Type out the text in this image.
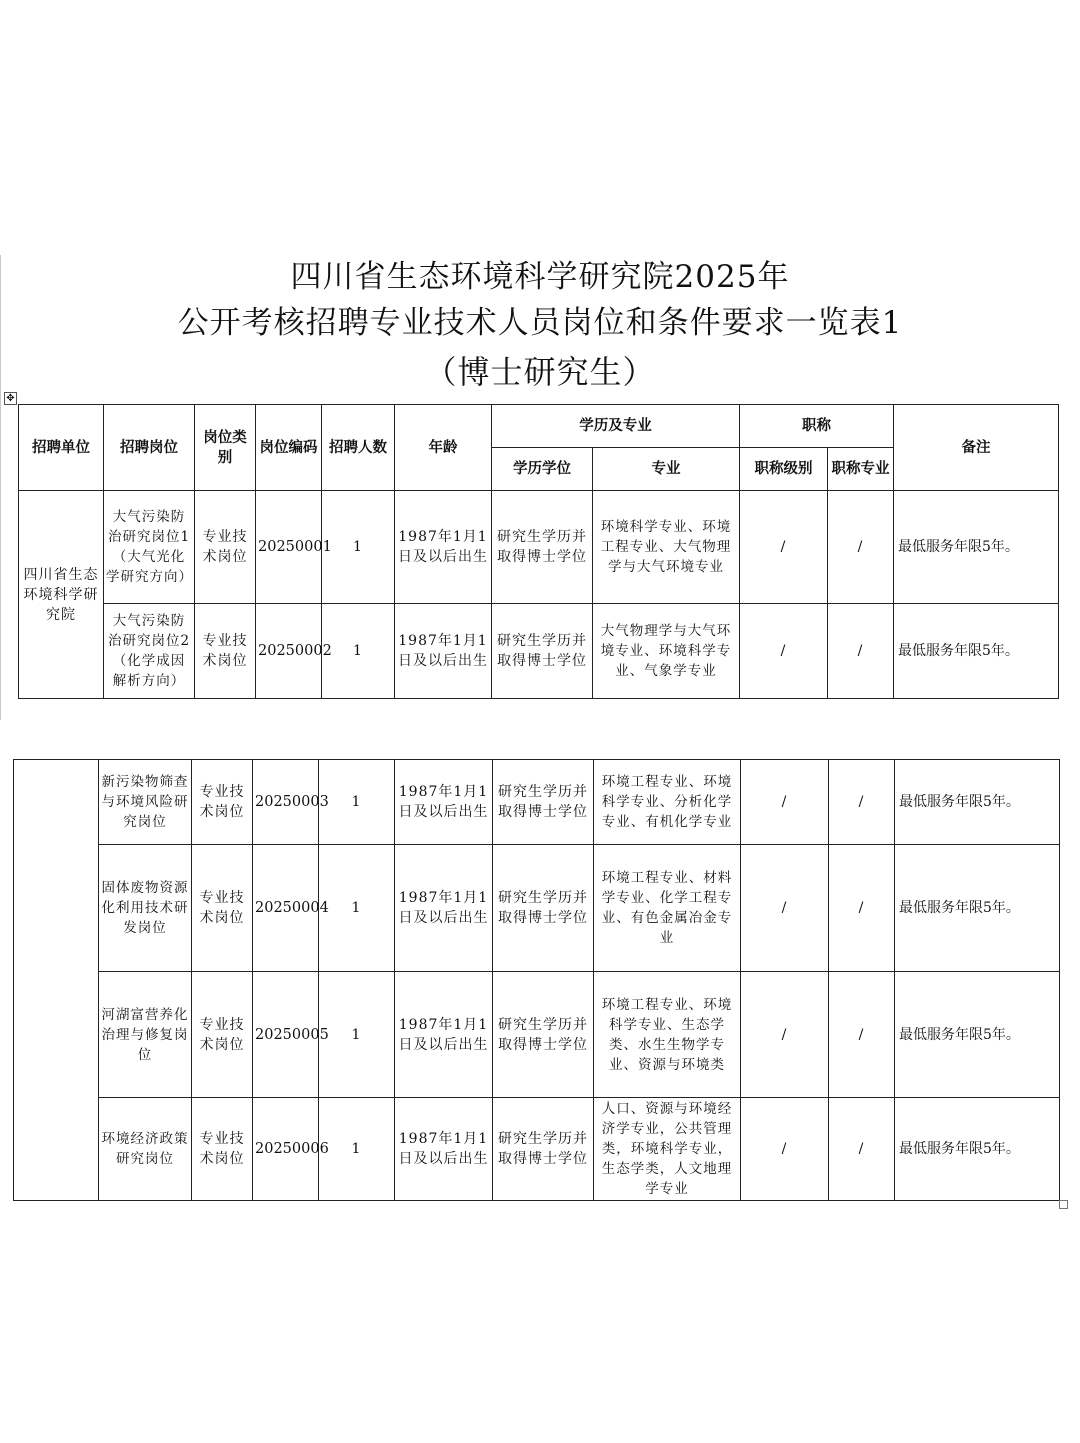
四川省生态环境科学研究院2025年
公开考核招聘专业技术人员岗位和条件要求一览表1
（博士研究生）
✥
招聘单位	招聘岗位	岗位类别	岗位编码	招聘人数	年龄	学历及专业		职称		备注
						学历学位	专业	职称级别	职称专业	
四川省生态环境科学研究院	大气污染防治研究岗位1（大气光化学研究方向）	专业技术岗位	20250001	1	1987年1月1日及以后出生	研究生学历并取得博士学位	环境科学专业、环境工程专业、大气物理学与大气环境专业	/	/	最低服务年限5年。
	大气污染防治研究岗位2（化学成因解析方向）	专业技术岗位	20250002	1	1987年1月1日及以后出生	研究生学历并取得博士学位	大气物理学与大气环境专业、环境科学专业、气象学专业	/	/	最低服务年限5年。
	新污染物筛查与环境风险研究岗位	专业技术岗位	20250003	1	1987年1月1日及以后出生	研究生学历并取得博士学位	环境工程专业、环境科学专业、分析化学专业、有机化学专业	/	/	最低服务年限5年。
	固体废物资源化利用技术研发岗位	专业技术岗位	20250004	1	1987年1月1日及以后出生	研究生学历并取得博士学位	环境工程专业、材料学专业、化学工程专业、有色金属冶金专业	/	/	最低服务年限5年。
	河湖富营养化治理与修复岗位	专业技术岗位	20250005	1	1987年1月1日及以后出生	研究生学历并取得博士学位	环境工程专业、环境科学专业、生态学类、水生生物学专业、资源与环境类	/	/	最低服务年限5年。
	环境经济政策研究岗位	专业技术岗位	20250006	1	1987年1月1日及以后出生	研究生学历并取得博士学位	人口、资源与环境经济学专业，公共管理类，环境科学专业，生态学类，人文地理学专业	/	/	最低服务年限5年。
